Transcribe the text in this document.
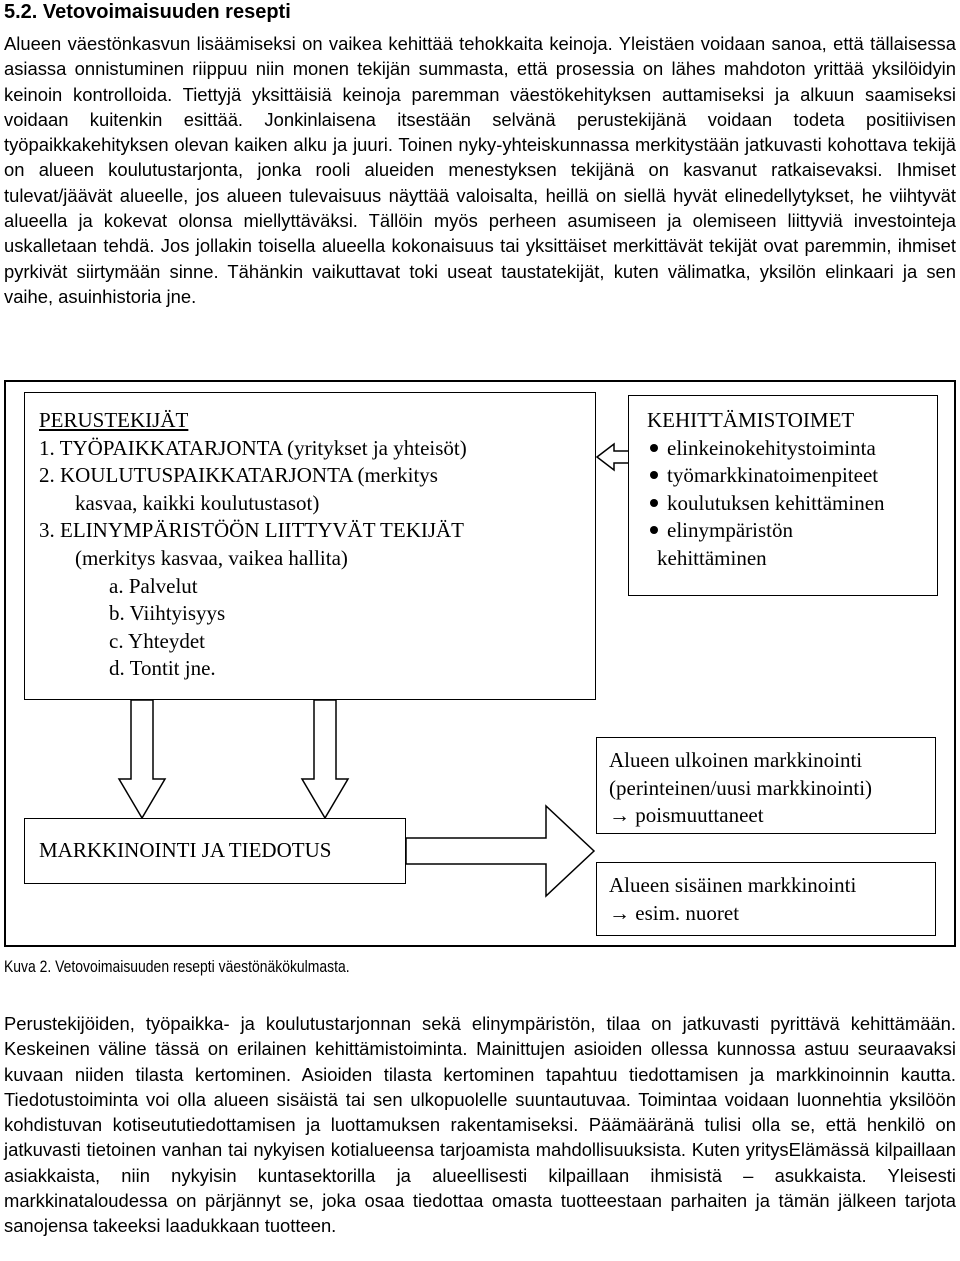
5.2. Vetovoimaisuuden resepti

Alueen väestönkasvun lisäämiseksi on vaikea kehittää tehokkaita keinoja. Yleistäen voidaan sanoa, että tällaisessa asiassa onnistuminen riippuu niin monen tekijän summasta, että prosessia on lähes mahdoton yrittää yksilöidyin keinoin kontrolloida. Tiettyjä yksittäisiä keinoja paremman väestökehityksen auttamiseksi ja alkuun saamiseksi voidaan kuitenkin esittää. Jonkinlaisena itsestään selvänä perustekijänä voidaan todeta positiivisen työpaikkakehityksen olevan kaiken alku ja juuri. Toinen nyky-yhteiskunnassa merkitystään jatkuvasti kohottava tekijä on alueen koulutustarjonta, jonka rooli alueiden menestyksen tekijänä on kasvanut ratkaisevaksi. Ihmiset tulevat/jäävät alueelle, jos alueen tulevaisuus näyttää valoisalta, heillä on siellä hyvät elinedellytykset, he viihtyvät alueella ja kokevat olonsa miellyttäväksi. Tällöin myös perheen asumiseen ja olemiseen liittyviä investointeja uskalletaan tehdä. Jos jollakin toisella alueella kokonaisuus tai yksittäiset merkittävät tekijät ovat paremmin, ihmiset pyrkivät siirtymään sinne. Tähänkin vaikuttavat toki useat taustatekijät, kuten välimatka, yksilön elinkaari ja sen vaihe, asuinhistoria jne.

PERUSTEKIJÄT
1. TYÖPAIKKATARJONTA (yritykset ja yhteisöt)
2. KOULUTUSPAIKKATARJONTA (merkitys
kasvaa, kaikki koulutustasot)
3. ELINYMPÄRISTÖÖN LIITTYVÄT TEKIJÄT
(merkitys kasvaa, vaikea hallita)
a. Palvelut
b. Viihtyisyys
c. Yhteydet
d. Tontit jne.
KEHITTÄMISTOIMET
elinkeinokehitystoiminta
työmarkkinatoimenpiteet
koulutuksen kehittäminen
elinympäristön
kehittäminen
MARKKINOINTI JA TIEDOTUS
Alueen ulkoinen markkinointi
(perinteinen/uusi markkinointi)
→ poismuuttaneet
Alueen sisäinen markkinointi
→ esim. nuoret

Kuva 2. Vetovoimaisuuden resepti väestönäkökulmasta.

Perustekijöiden, työpaikka- ja koulutustarjonnan sekä elinympäristön, tilaa on jatkuvasti pyrittävä kehittämään. Keskeinen väline tässä on erilainen kehittämistoiminta. Mainittujen asioiden ollessa kunnossa astuu seuraavaksi kuvaan niiden tilasta kertominen. Asioiden tilasta kertominen tapahtuu tiedottamisen ja markkinoinnin kautta. Tiedotustoiminta voi olla alueen sisäistä tai sen ulkopuolelle suuntautuvaa. Toimintaa voidaan luonnehtia yksilöön kohdistuvan kotiseututiedottamisen ja luottamuksen rakentamiseksi. Päämääränä tulisi olla se, että henkilö on jatkuvasti tietoinen vanhan tai nykyisen kotialueensa tarjoamista mahdollisuuksista. Kuten yritysElämässä kilpaillaan asiakkaista, niin nykyisin kuntasektorilla ja alueellisesti kilpaillaan ihmisistä – asukkaista. Yleisesti markkinataloudessa on pärjännyt se, joka osaa tiedottaa omasta tuotteestaan parhaiten ja tämän jälkeen tarjota sanojensa takeeksi laadukkaan tuotteen.
